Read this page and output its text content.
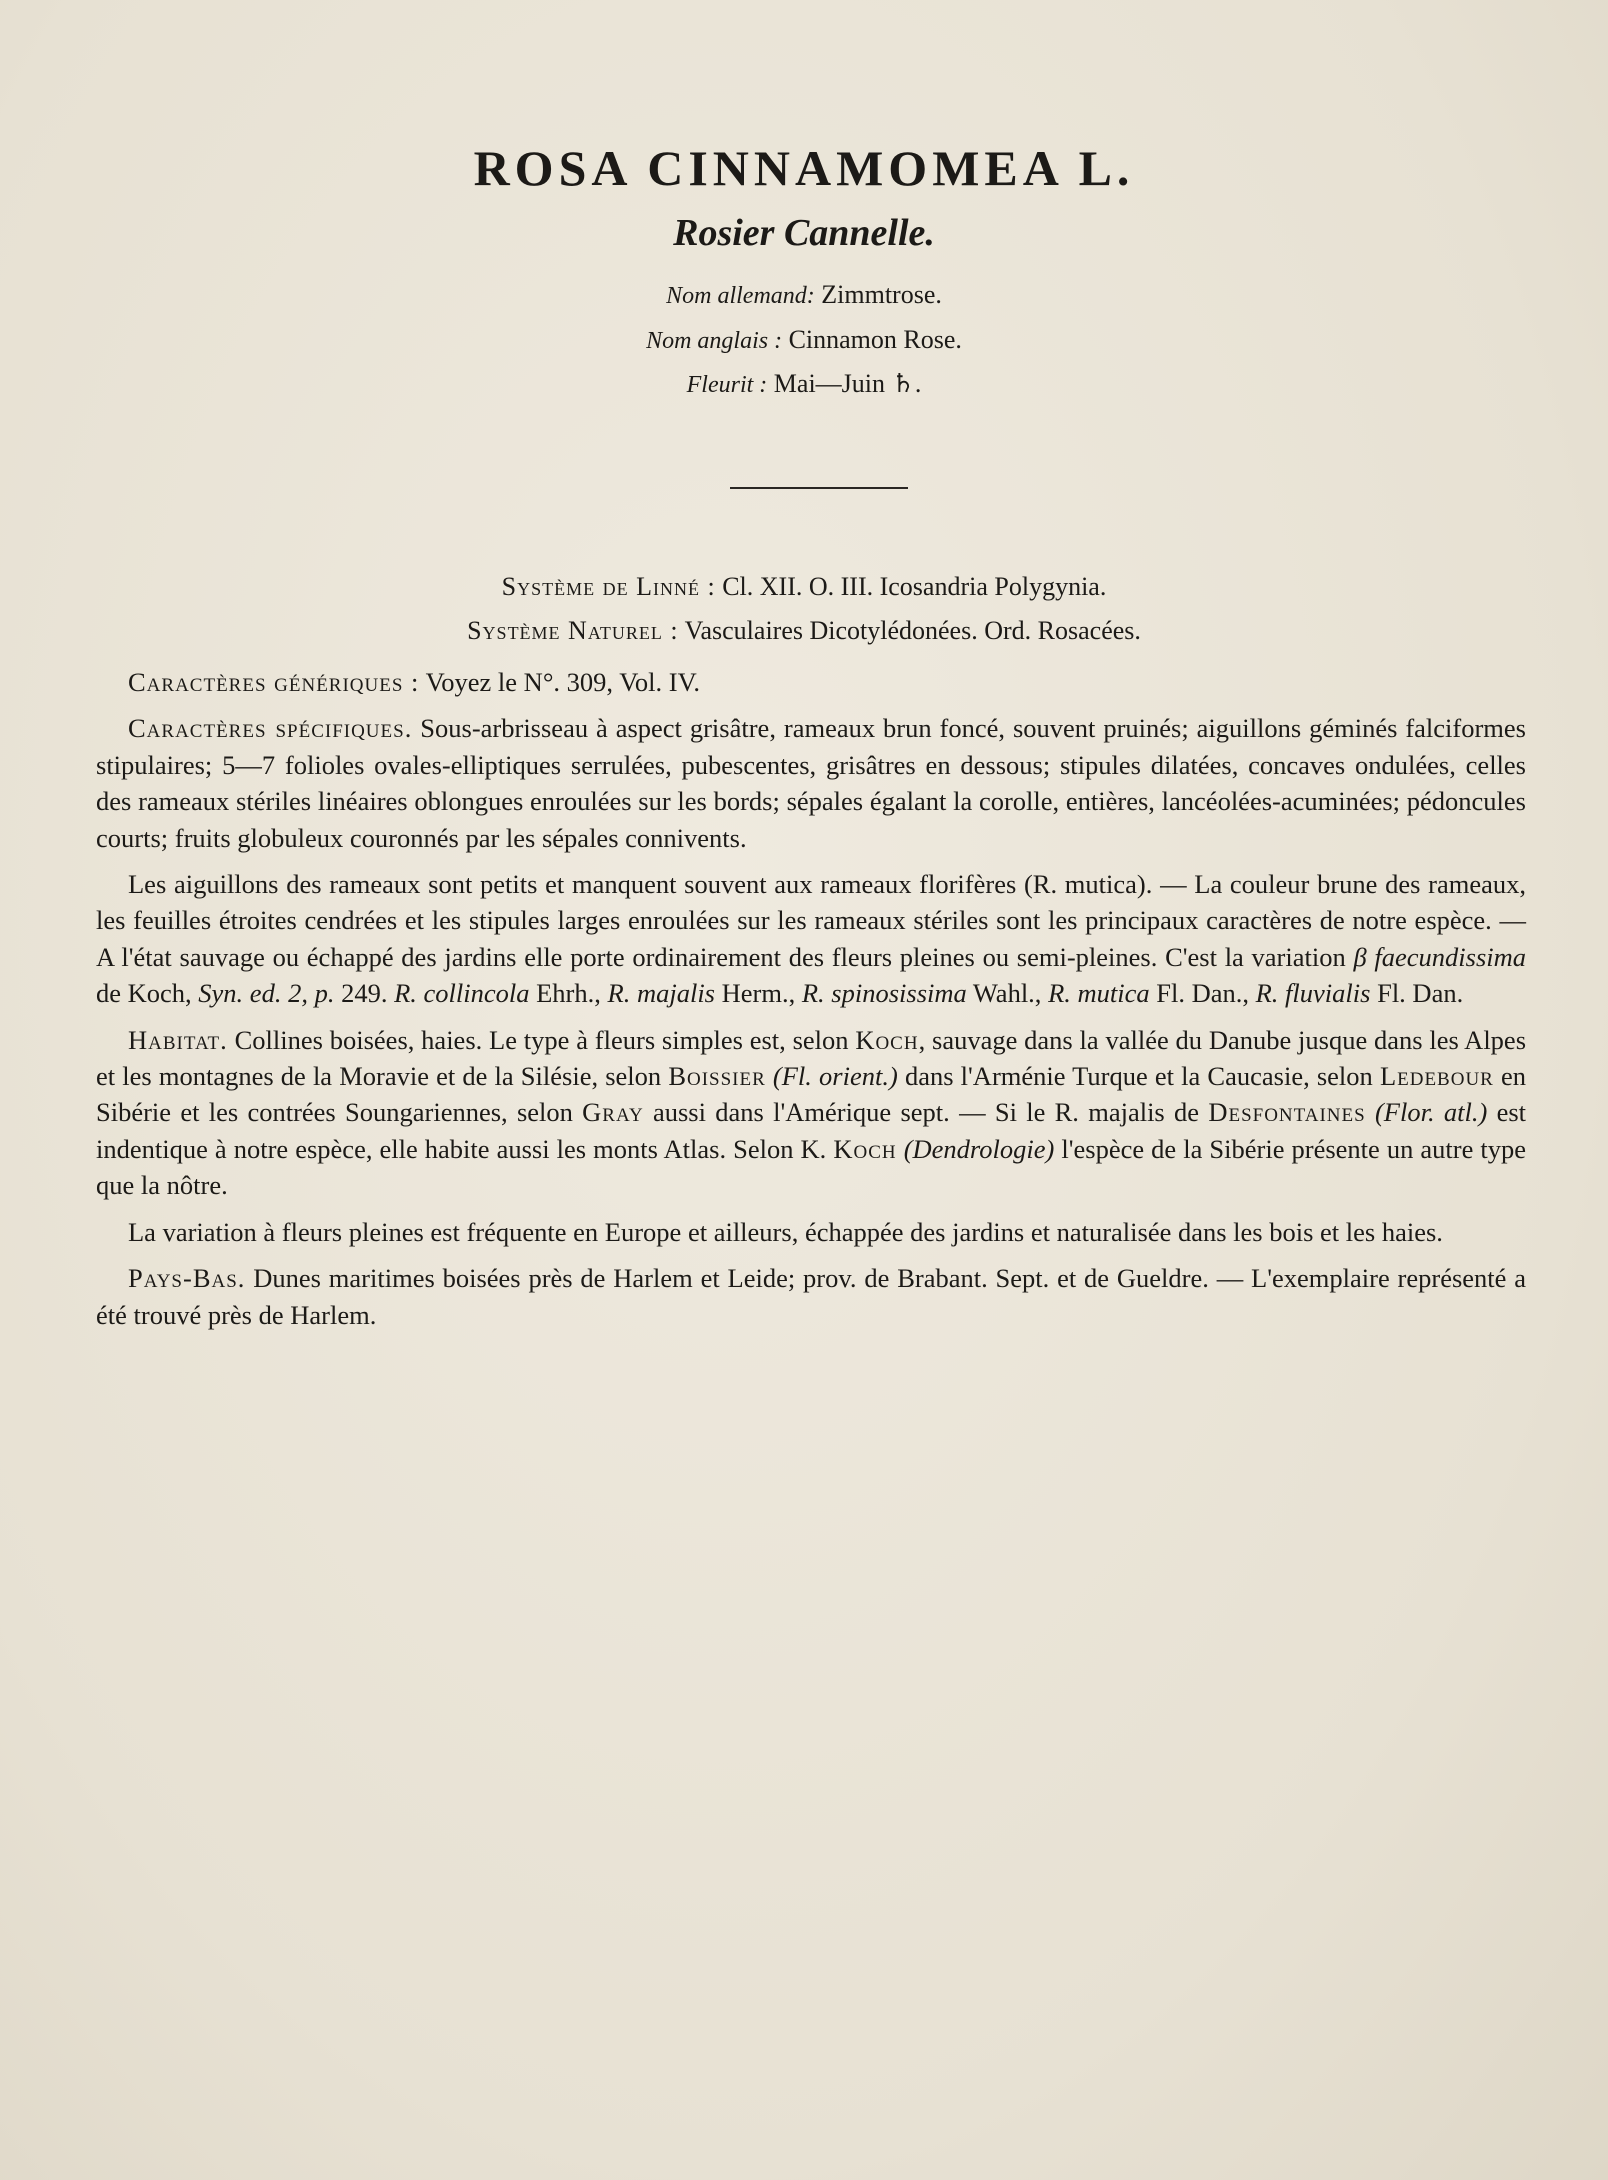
ROSA CINNAMOMEA L.
Rosier Cannelle.
Nom allemand: Zimmtrose.
Nom anglais : Cinnamon Rose.
Fleurit : Mai—Juin ♄.
Système de Linné : Cl. XII. O. III. Icosandria Polygynia.
Système Naturel : Vasculaires Dicotylédonées. Ord. Rosacées.

Caractères génériques : Voyez le N°. 309, Vol. IV.

Caractères spécifiques. Sous-arbrisseau à aspect grisâtre, rameaux brun foncé, souvent pruinés; aiguillons géminés falciformes stipulaires; 5—7 folioles ovales-elliptiques serrulées, pubescentes, grisâtres en dessous; stipules dilatées, concaves ondulées, celles des rameaux stériles linéaires oblongues enroulées sur les bords; sépales égalant la corolle, entières, lancéolées-acuminées; pédoncules courts; fruits globuleux couronnés par les sépales connivents.

Les aiguillons des rameaux sont petits et manquent souvent aux rameaux florifères (R. mutica). — La couleur brune des rameaux, les feuilles étroites cendrées et les stipules larges enroulées sur les rameaux stériles sont les principaux caractères de notre espèce. — A l'état sauvage ou échappé des jardins elle porte ordinairement des fleurs pleines ou semi-pleines. C'est la variation β faecundissima de Koch, Syn. ed. 2, p. 249. R. collincola Ehrh., R. majalis Herm., R. spinosissima Wahl., R. mutica Fl. Dan., R. fluvialis Fl. Dan.

Habitat. Collines boisées, haies. Le type à fleurs simples est, selon Koch, sauvage dans la vallée du Danube jusque dans les Alpes et les montagnes de la Moravie et de la Silésie, selon Boissier (Fl. orient.) dans l'Arménie Turque et la Caucasie, selon Ledebour en Sibérie et les contrées Soungariennes, selon Gray aussi dans l'Amérique sept. — Si le R. majalis de Desfontaines (Flor. atl.) est indentique à notre espèce, elle habite aussi les monts Atlas. Selon K. Koch (Dendrologie) l'espèce de la Sibérie présente un autre type que la nôtre.

La variation à fleurs pleines est fréquente en Europe et ailleurs, échappée des jardins et naturalisée dans les bois et les haies.

Pays-Bas. Dunes maritimes boisées près de Harlem et Leide; prov. de Brabant. Sept. et de Gueldre. — L'exemplaire représenté a été trouvé près de Harlem.
